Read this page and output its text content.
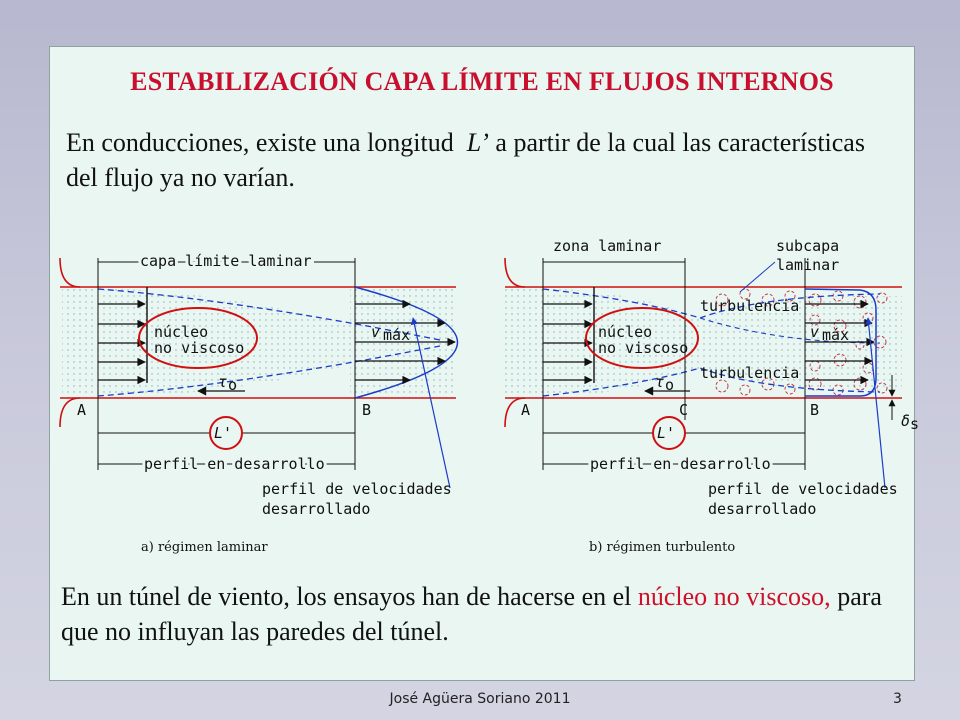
ESTABILIZACIÓN CAPA LÍMITE EN FLUJOS INTERNOS
En conducciones, existe una longitud L’ a partir de la cual las características del flujo ya no varían.
En un túnel de viento, los ensayos han de hacerse en el núcleo no viscoso, para que no influyan las paredes del túnel.
capa límite laminar
núcleo
no viscoso
v máx
τ o
A	B
L'
perfil en desarrollo
perfil de velocidades
desarrollado
a) régimen laminar
zona laminar	subcapa
laminar
turbulencia
turbulencia
núcleo
no viscoso
v máx
τ o
A	C	B
L'
δ s
perfil en desarrollo
perfil de velocidades
desarrollado
b) régimen turbulento
José Agüera Soriano 2011	3
